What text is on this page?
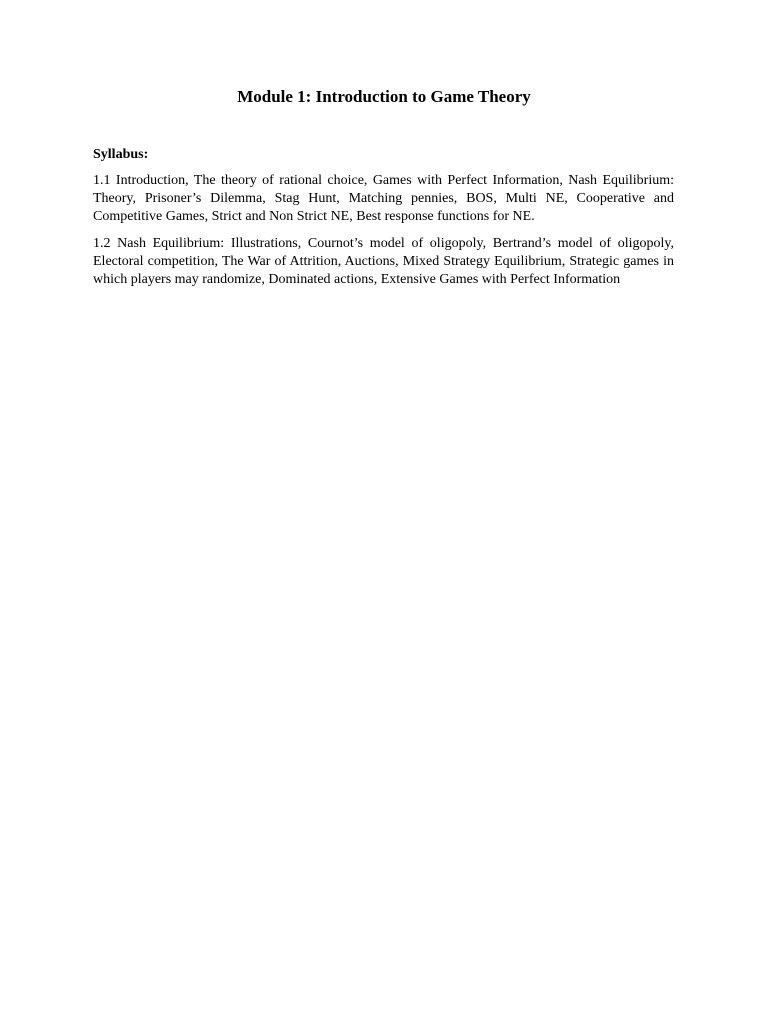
Module 1: Introduction to Game Theory

Syllabus:

1.1 Introduction, The theory of rational choice, Games with Perfect Information, Nash Equilibrium: Theory, Prisoner’s Dilemma, Stag Hunt, Matching pennies, BOS, Multi NE, Cooperative and Competitive Games, Strict and Non Strict NE, Best response functions for NE.

1.2 Nash Equilibrium: Illustrations, Cournot’s model of oligopoly, Bertrand’s model of oligopoly, Electoral competition, The War of Attrition, Auctions, Mixed Strategy Equilibrium, Strategic games in which players may randomize, Dominated actions, Extensive Games with Perfect Information
